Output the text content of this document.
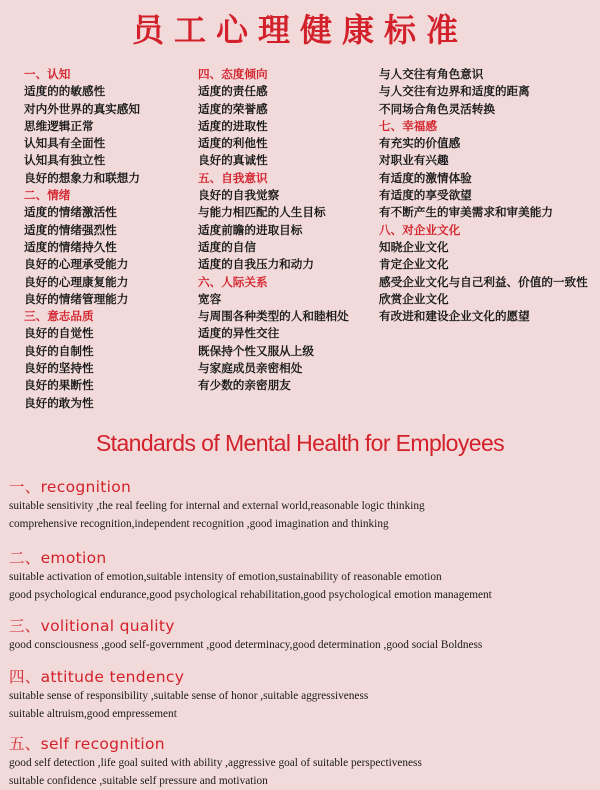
员工心理健康标准
一、认知
适度的的敏感性
对内外世界的真实感知
思维逻辑正常
认知具有全面性
认知具有独立性
良好的想象力和联想力
二、情绪
适度的情绪激活性
适度的情绪强烈性
适度的情绪持久性
良好的心理承受能力
良好的心理康复能力
良好的情绪管理能力
三、意志品质
良好的自觉性
良好的自制性
良好的坚持性
良好的果断性
良好的敢为性
四、态度倾向
适度的责任感
适度的荣誉感
适度的进取性
适度的利他性
良好的真诚性
五、自我意识
良好的自我觉察
与能力相匹配的人生目标
适度前瞻的进取目标
适度的自信
适度的自我压力和动力
六、人际关系
宽容
与周围各种类型的人和睦相处
适度的异性交往
既保持个性又服从上级
与家庭成员亲密相处
有少数的亲密朋友
与人交往有角色意识
与人交往有边界和适度的距离
不同场合角色灵活转换
七、幸福感
有充实的价值感
对职业有兴趣
有适度的激情体验
有适度的享受欲望
有不断产生的审美需求和审美能力
八、对企业文化
知晓企业文化
肯定企业文化
感受企业文化与自己利益、价值的一致性
欣赏企业文化
有改进和建设企业文化的愿望
Standards of Mental Health for Employees
一、recognition
suitable sensitivity ,the real feeling for internal and external world,reasonable logic thinking
comprehensive recognition,independent recognition ,good imagination and thinking
二、emotion
suitable activation of emotion,suitable intensity of emotion,sustainability of reasonable emotion
good psychological endurance,good psychological rehabilitation,good psychological emotion management
三、volitional quality
good consciousness ,good self-government ,good determinacy,good determination ,good social Boldness
四、attitude tendency
suitable sense of responsibility ,suitable sense of honor ,suitable aggressiveness
suitable altruism,good empressement
五、self recognition
good self detection ,life goal suited with ability ,aggressive goal of suitable perspectiveness
suitable confidence ,suitable self pressure and motivation
